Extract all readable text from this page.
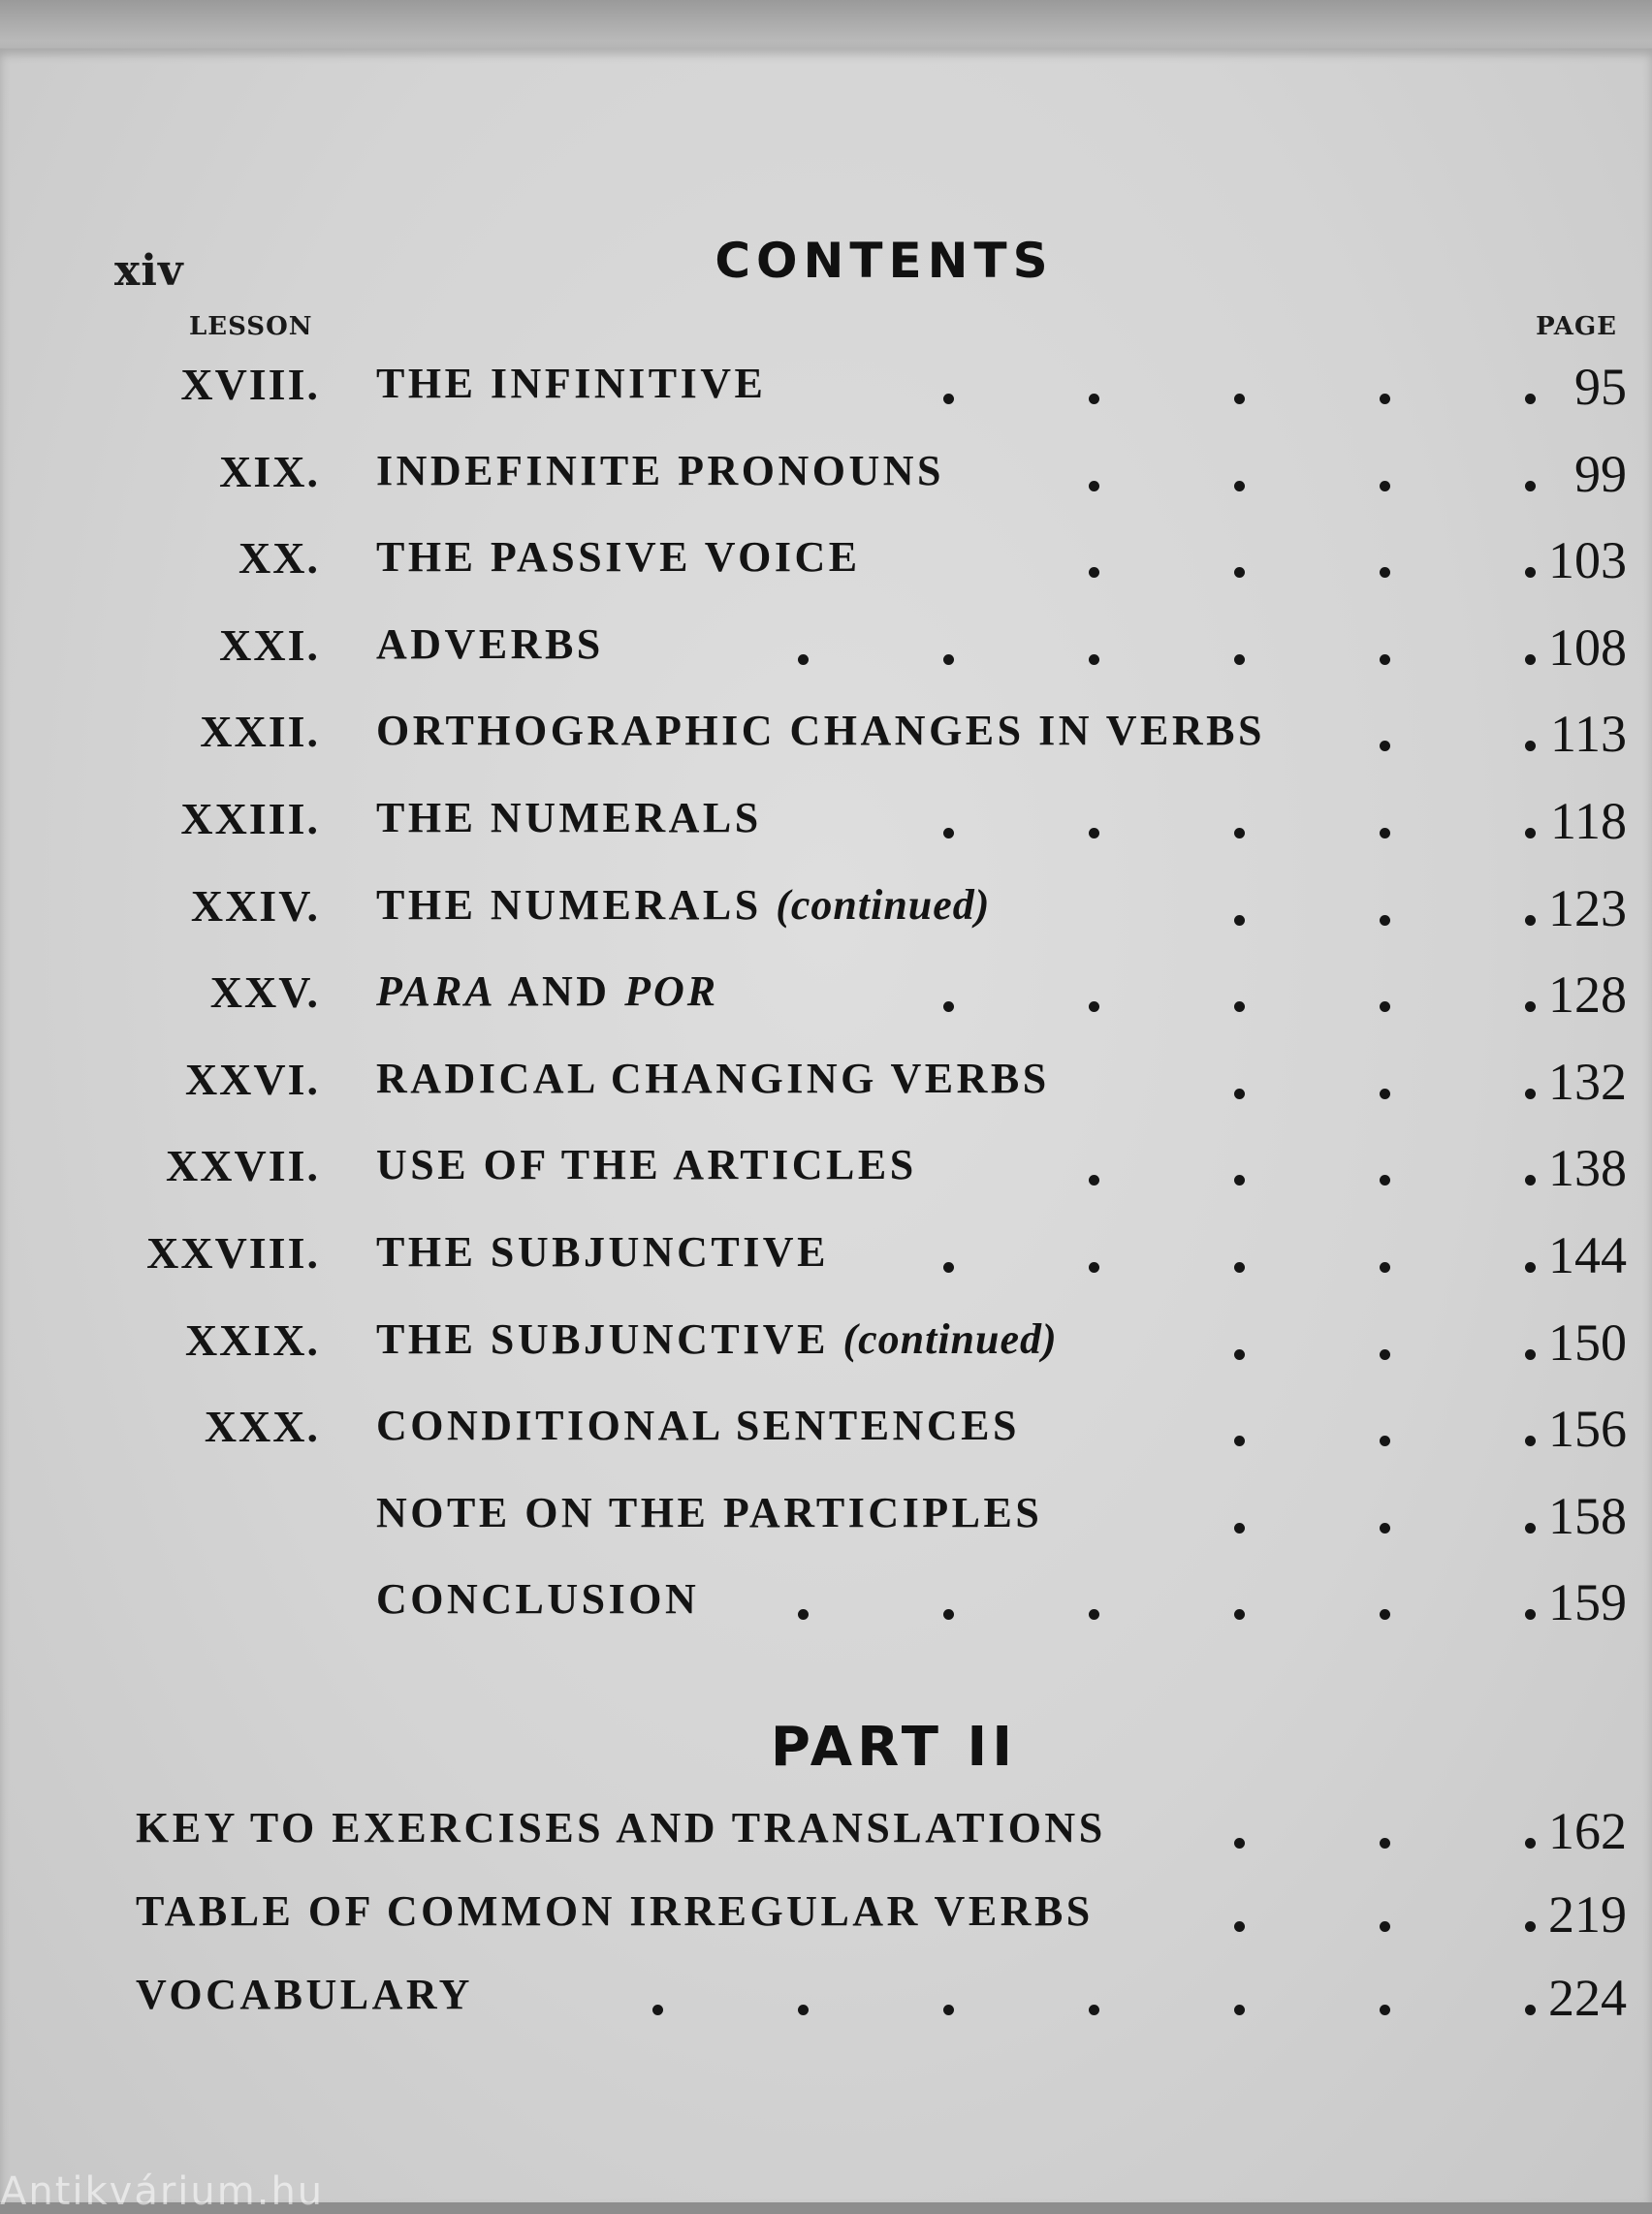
xiv	CONTENTS
LESSON	PAGE
XVIII. THE INFINITIVE	95
XIX. INDEFINITE PRONOUNS	99
XX. THE PASSIVE VOICE	103
XXI. ADVERBS	108
XXII. ORTHOGRAPHIC CHANGES IN VERBS	113
XXIII. THE NUMERALS	118
XXIV. THE NUMERALS (continued)	123
XXV. PARA AND POR	128
XXVI. RADICAL CHANGING VERBS	132
XXVII. USE OF THE ARTICLES	138
XXVIII. THE SUBJUNCTIVE	144
XXIX. THE SUBJUNCTIVE (continued)	150
XXX. CONDITIONAL SENTENCES	156
NOTE ON THE PARTICIPLES	158
CONCLUSION	159
PART II
KEY TO EXERCISES AND TRANSLATIONS	162
TABLE OF COMMON IRREGULAR VERBS	219
VOCABULARY	224
Antikvárium.hu
